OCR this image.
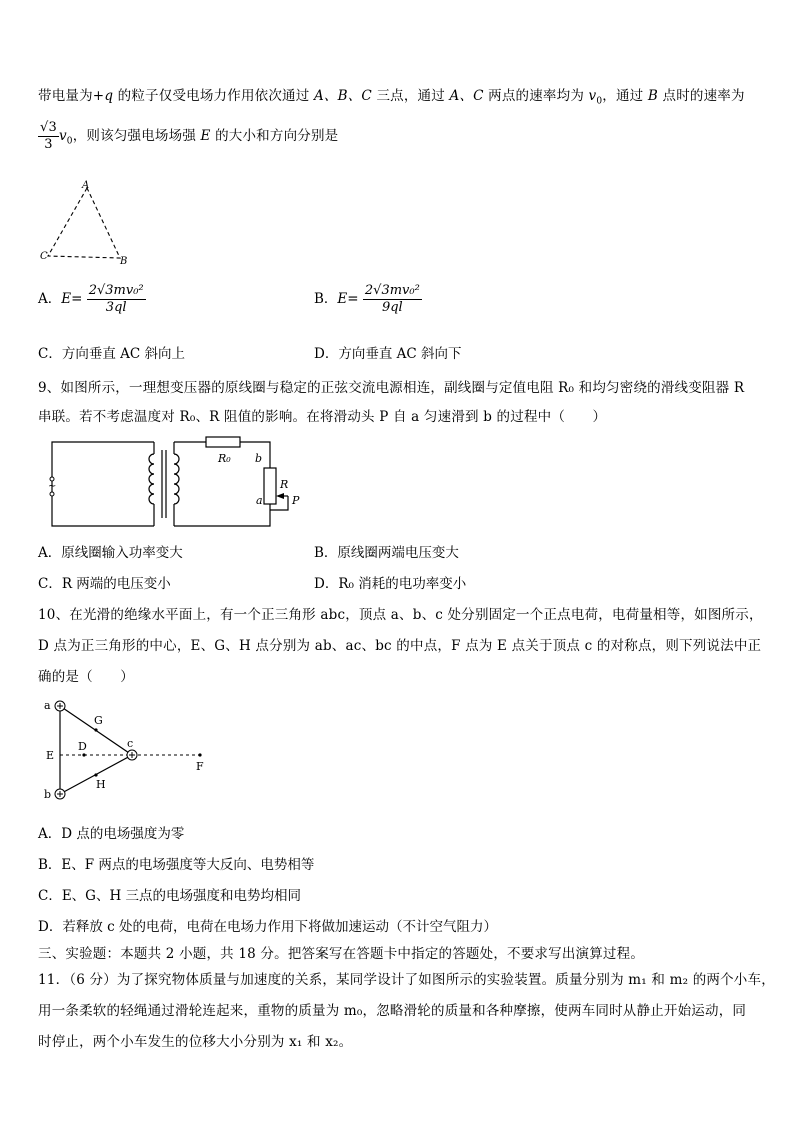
带电量为+q 的粒子仅受电场力作用依次通过 A、B、C 三点，通过 A、C 两点的速率均为 $v_0$，通过 B 点时的速率为
$\frac{√3}{3} v_0$，则该匀强电场场强 E 的大小和方向分别是
A
C	B
A．$E= \frac{\text{2√3mv₀²}}{3ql}$	B．$E= \frac{\text{2√3mv₀²}}{9ql}$
C．方向垂直 AC 斜向上	D．方向垂直 AC 斜向下
9、如图所示，一理想变压器的原线圈与稳定的正弦交流电源相连，副线圈与定值电阻 R₀ 和均匀密绕的滑线变阻器 R
串联。若不考虑温度对 R₀、R 阻值的影响。在将滑动头 P 自 a 匀速滑到 b 的过程中（　　）
~
R₀ b
R
a	P
A．原线圈输入功率变大	B．原线圈两端电压变大
C．R 两端的电压变小	D．R₀ 消耗的电功率变小
10、在光滑的绝缘水平面上，有一个正三角形 abc，顶点 a、b、c 处分别固定一个正点电荷，电荷量相等，如图所示，
D 点为正三角形的中心，E、G、H 点分别为 ab、ac、bc 的中点，F 点为 E 点关于顶点 c 的对称点，则下列说法中正
确的是（　　）
a
b
c
D
E
F
G
H
A．D 点的电场强度为零
B．E、F 两点的电场强度等大反向、电势相等
C．E、G、H 三点的电场强度和电势均相同
D．若释放 c 处的电荷，电荷在电场力作用下将做加速运动（不计空气阻力）
三、实验题：本题共 2 小题，共 18 分。把答案写在答题卡中指定的答题处，不要求写出演算过程。
11．（6 分）为了探究物体质量与加速度的关系，某同学设计了如图所示的实验装置。质量分别为 m₁ 和 m₂ 的两个小车，
用一条柔软的轻绳通过滑轮连起来，重物的质量为 m₀，忽略滑轮的质量和各种摩擦，使两车同时从静止开始运动，同
时停止，两个小车发生的位移大小分别为 x₁ 和 x₂。
